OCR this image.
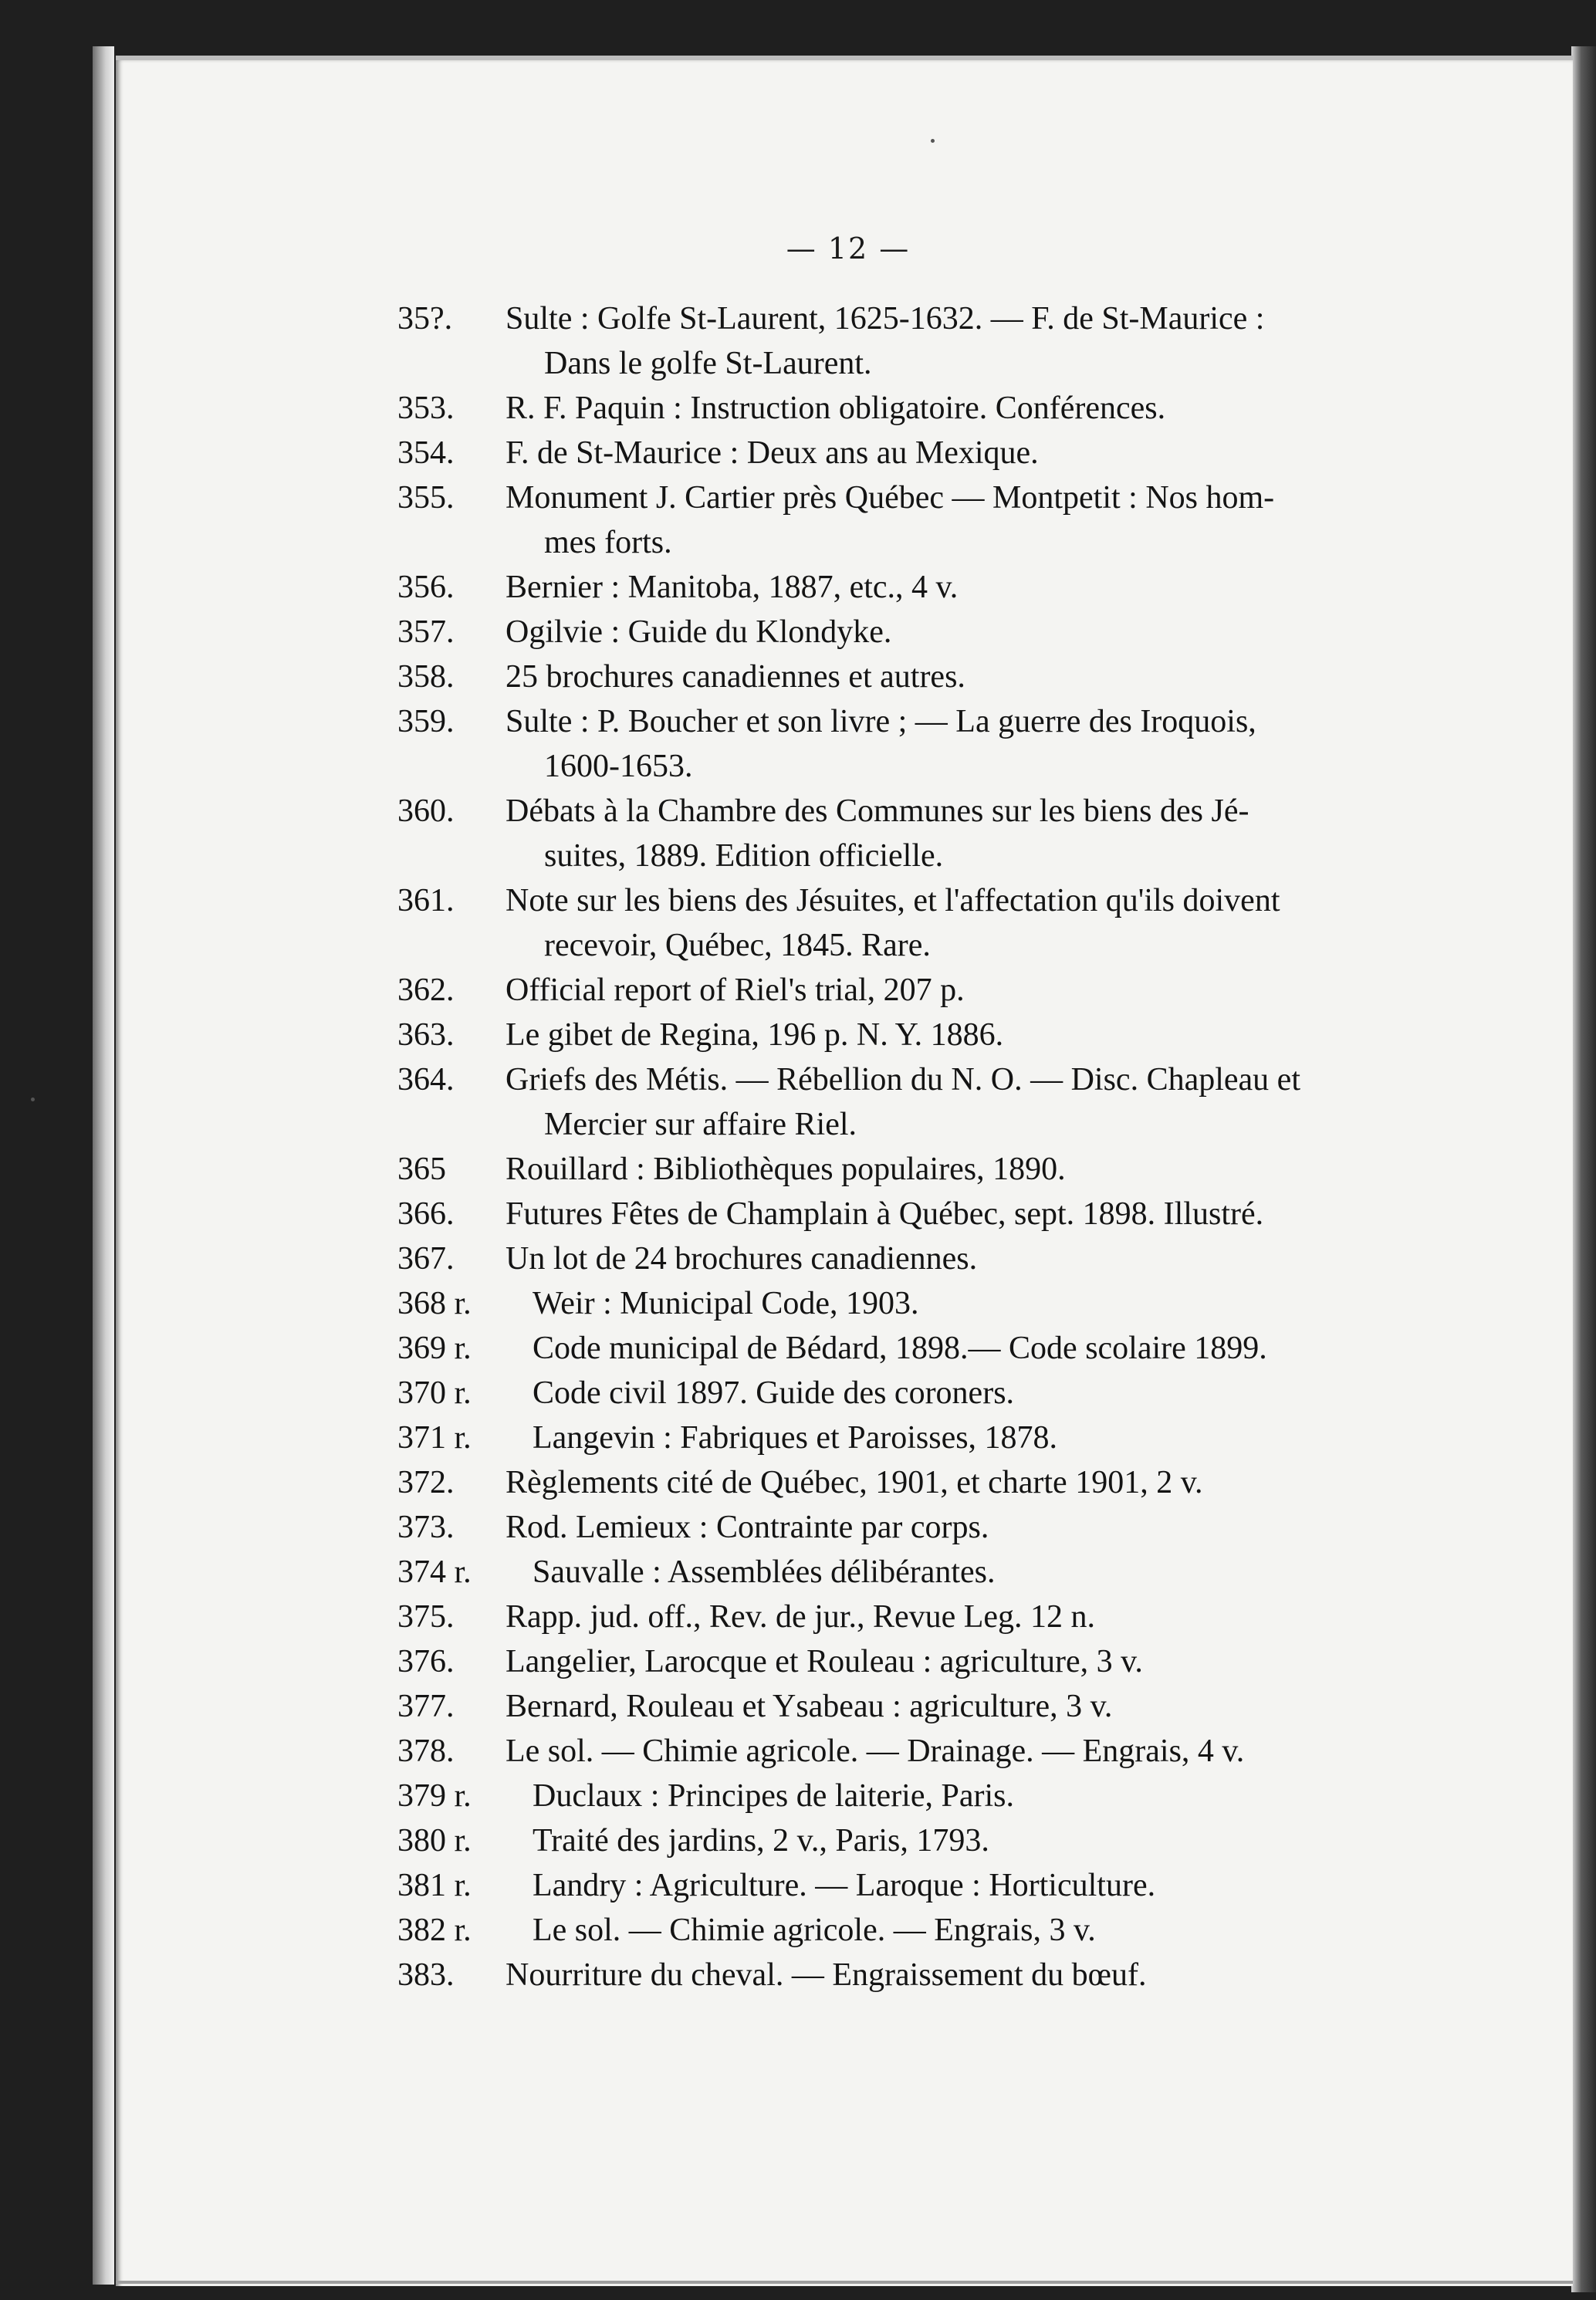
— 12 —
35?.	Sulte : Golfe St-Laurent, 1625-1632. — F. de St-Maurice :
Dans le golfe St-Laurent.
353.	R. F. Paquin : Instruction obligatoire. Conférences.
354.	F. de St-Maurice : Deux ans au Mexique.
355.	Monument J. Cartier près Québec — Montpetit : Nos hom-
mes forts.
356.	Bernier : Manitoba, 1887, etc., 4 v.
357.	Ogilvie : Guide du Klondyke.
358.	25 brochures canadiennes et autres.
359.	Sulte : P. Boucher et son livre ; — La guerre des Iroquois,
1600-1653.
360.	Débats à la Chambre des Communes sur les biens des Jé-
suites, 1889. Edition officielle.
361.	Note sur les biens des Jésuites, et l'affectation qu'ils doivent
recevoir, Québec, 1845. Rare.
362.	Official report of Riel's trial, 207 p.
363.	Le gibet de Regina, 196 p. N. Y. 1886.
364.	Griefs des Métis. — Rébellion du N. O. — Disc. Chapleau et
Mercier sur affaire Riel.
365	Rouillard : Bibliothèques populaires, 1890.
366.	Futures Fêtes de Champlain à Québec, sept. 1898. Illustré.
367.	Un lot de 24 brochures canadiennes.
368 r.	Weir : Municipal Code, 1903.
369 r.	Code municipal de Bédard, 1898.— Code scolaire 1899.
370 r.	Code civil 1897. Guide des coroners.
371 r.	Langevin : Fabriques et Paroisses, 1878.
372.	Règlements cité de Québec, 1901, et charte 1901, 2 v.
373.	Rod. Lemieux : Contrainte par corps.
374 r.	Sauvalle : Assemblées délibérantes.
375.	Rapp. jud. off., Rev. de jur., Revue Leg. 12 n.
376.	Langelier, Larocque et Rouleau : agriculture, 3 v.
377.	Bernard, Rouleau et Ysabeau : agriculture, 3 v.
378.	Le sol. — Chimie agricole. — Drainage. — Engrais, 4 v.
379 r.	Duclaux : Principes de laiterie, Paris.
380 r.	Traité des jardins, 2 v., Paris, 1793.
381 r.	Landry : Agriculture. — Laroque : Horticulture.
382 r.	Le sol. — Chimie agricole. — Engrais, 3 v.
383.	Nourriture du cheval. — Engraissement du bœuf.
